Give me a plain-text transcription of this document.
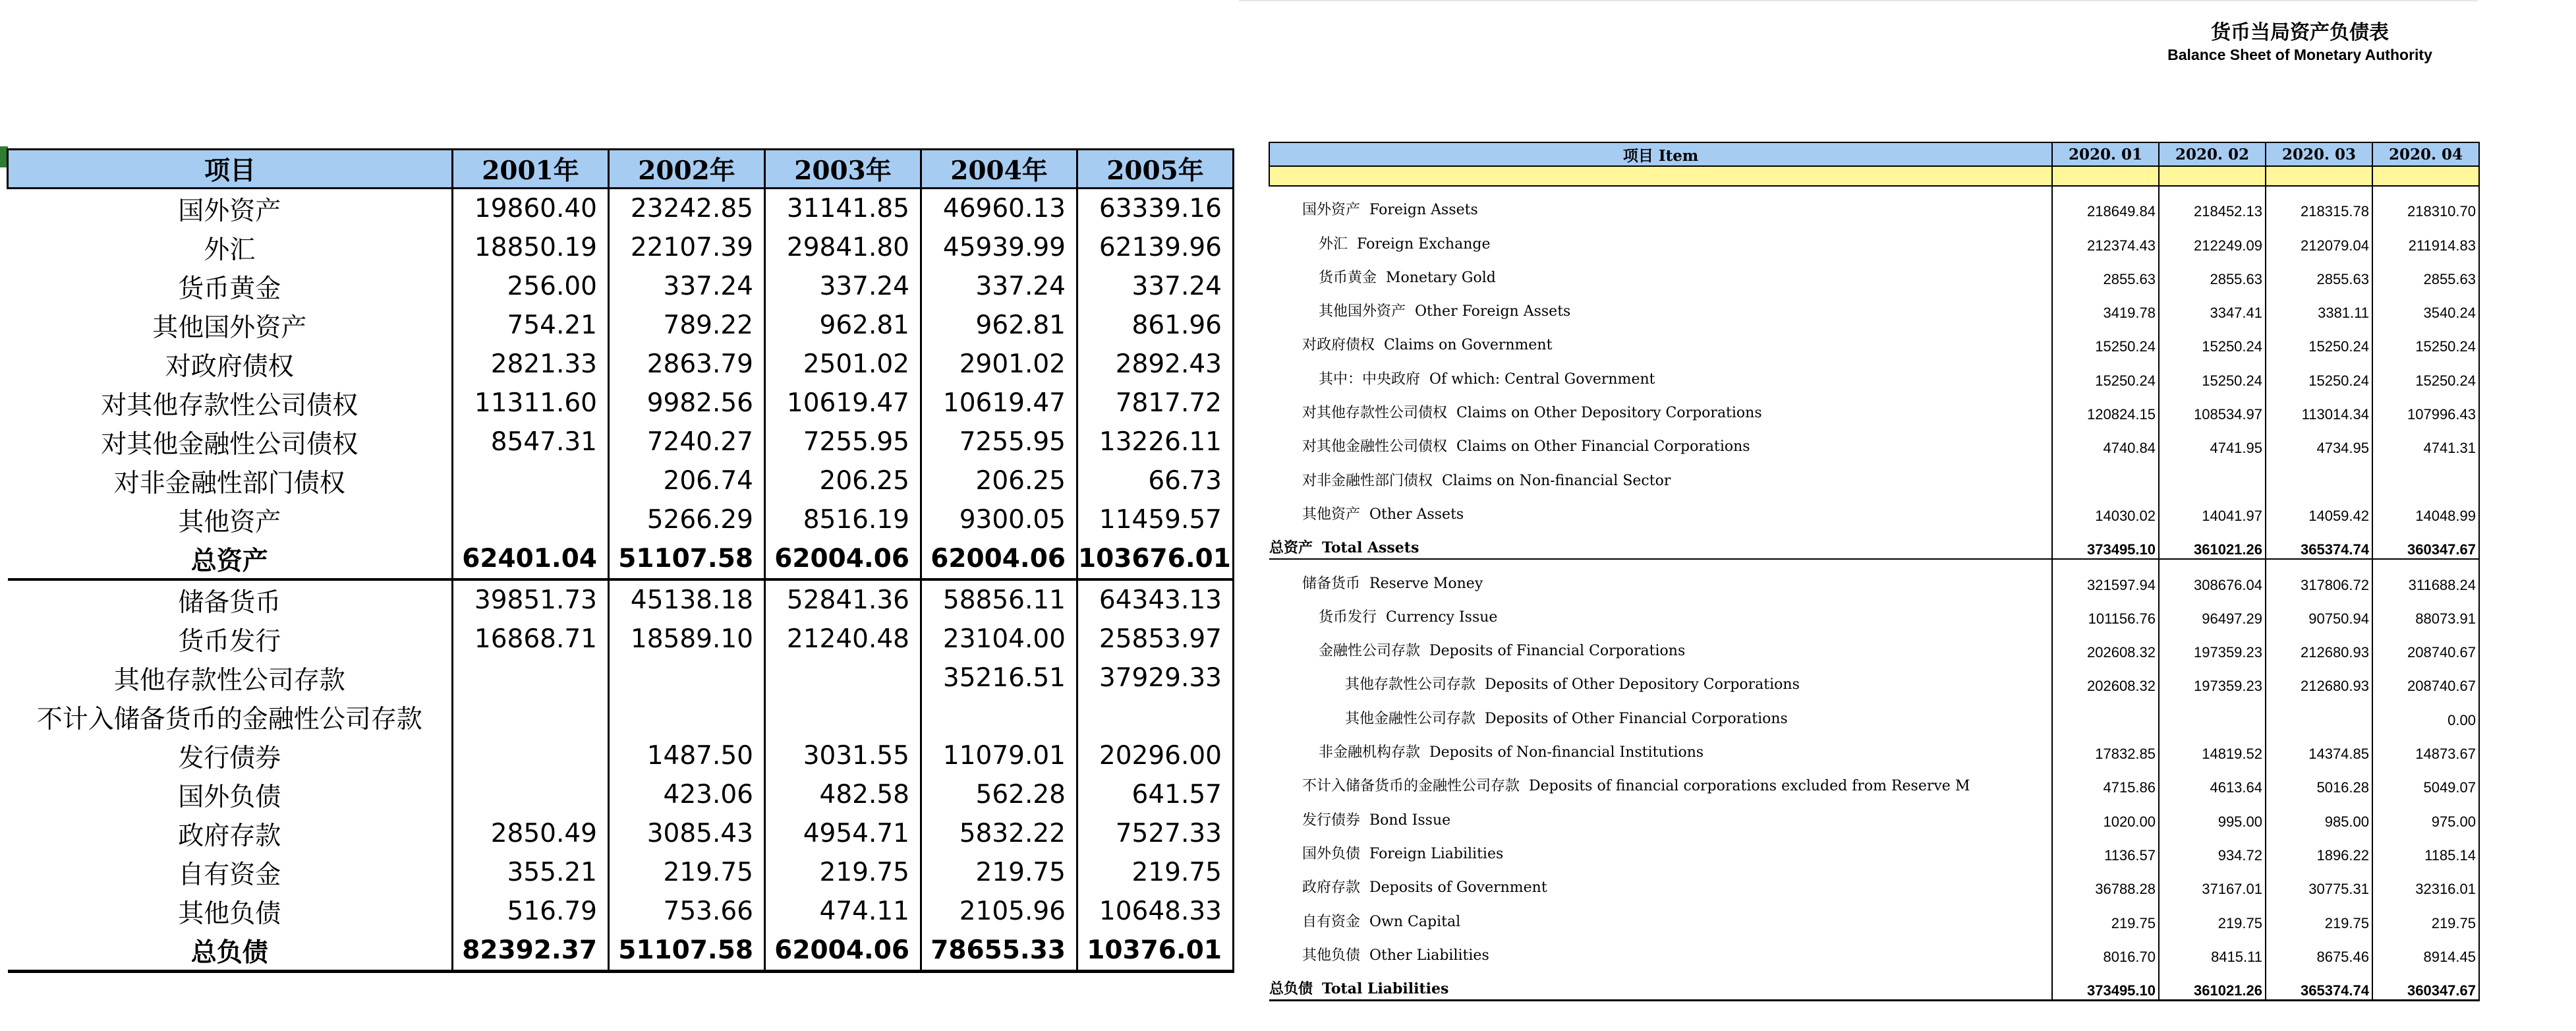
项目	2001年	2002年	2003年	2004年	2005年
国外资产	19860.40	23242.85	31141.85	46960.13	63339.16
外汇	18850.19	22107.39	29841.80	45939.99	62139.96
货币黄金	256.00	337.24	337.24	337.24	337.24
其他国外资产	754.21	789.22	962.81	962.81	861.96
对政府债权	2821.33	2863.79	2501.02	2901.02	2892.43
对其他存款性公司债权	11311.60	9982.56	10619.47	10619.47	7817.72
对其他金融性公司债权	8547.31	7240.27	7255.95	7255.95	13226.11
对非金融性部门债权		206.74	206.25	206.25	66.73
其他资产		5266.29	8516.19	9300.05	11459.57
总资产	62401.04	51107.58	62004.06	62004.06	103676.01
储备货币	39851.73	45138.18	52841.36	58856.11	64343.13
货币发行	16868.71	18589.10	21240.48	23104.00	25853.97
其他存款性公司存款				35216.51	37929.33
不计入储备货币的金融性公司存款					
发行债券		1487.50	3031.55	11079.01	20296.00
国外负债		423.06	482.58	562.28	641.57
政府存款	2850.49	3085.43	4954.71	5832.22	7527.33
自有资金	355.21	219.75	219.75	219.75	219.75
其他负债	516.79	753.66	474.11	2105.96	10648.33
总负债	82392.37	51107.58	62004.06	78655.33	10376.01
货币当局资产负债表
Balance Sheet of Monetary Authority
项目 Item	2020. 01	2020. 02	2020. 03	2020. 04

国外资产 Foreign Assets	218649.84	218452.13	218315.78	218310.70
外汇 Foreign Exchange	212374.43	212249.09	212079.04	211914.83
货币黄金 Monetary Gold	2855.63	2855.63	2855.63	2855.63
其他国外资产 Other Foreign Assets	3419.78	3347.41	3381.11	3540.24
对政府债权 Claims on Government	15250.24	15250.24	15250.24	15250.24
其中：中央政府 Of which: Central Government	15250.24	15250.24	15250.24	15250.24
对其他存款性公司债权 Claims on Other Depository Corporations	120824.15	108534.97	113014.34	107996.43
对其他金融性公司债权 Claims on Other Financial Corporations	4740.84	4741.95	4734.95	4741.31
对非金融性部门债权 Claims on Non-financial Sector				
其他资产 Other Assets	14030.02	14041.97	14059.42	14048.99
总资产 Total Assets	373495.10	361021.26	365374.74	360347.67
储备货币 Reserve Money	321597.94	308676.04	317806.72	311688.24
货币发行 Currency Issue	101156.76	96497.29	90750.94	88073.91
金融性公司存款 Deposits of Financial Corporations	202608.32	197359.23	212680.93	208740.67
其他存款性公司存款 Deposits of Other Depository Corporations	202608.32	197359.23	212680.93	208740.67
其他金融性公司存款 Deposits of Other Financial Corporations				0.00
非金融机构存款 Deposits of Non-financial Institutions	17832.85	14819.52	14374.85	14873.67
不计入储备货币的金融性公司存款 Deposits of financial corporations excluded from Reserve M	4715.86	4613.64	5016.28	5049.07
发行债券 Bond Issue	1020.00	995.00	985.00	975.00
国外负债 Foreign Liabilities	1136.57	934.72	1896.22	1185.14
政府存款 Deposits of Government	36788.28	37167.01	30775.31	32316.01
自有资金 Own Capital	219.75	219.75	219.75	219.75
其他负债 Other Liabilities	8016.70	8415.11	8675.46	8914.45
总负债 Total Liabilities	373495.10	361021.26	365374.74	360347.67
